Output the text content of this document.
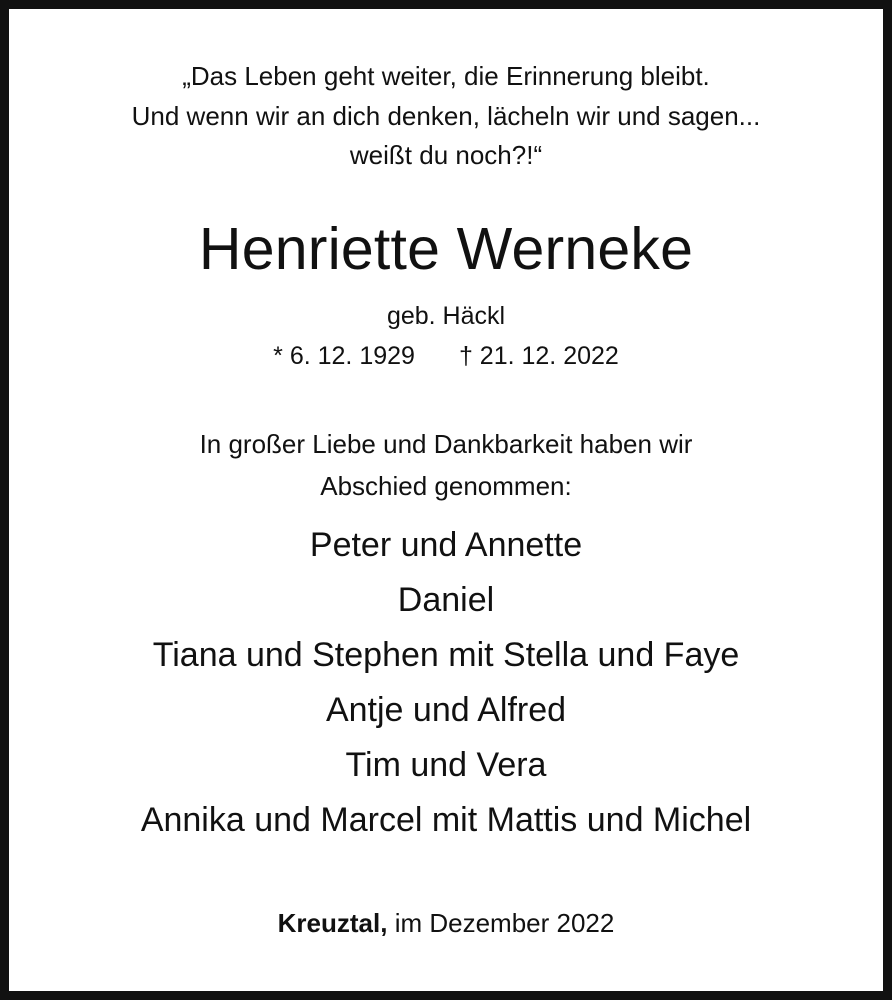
„Das Leben geht weiter, die Erinnerung bleibt.
Und wenn wir an dich denken, lächeln wir und sagen...
weißt du noch?!“
Henriette Werneke
geb. Häckl
* 6. 12. 1929 † 21. 12. 2022
In großer Liebe und Dankbarkeit haben wir
Abschied genommen:
Peter und Annette
Daniel
Tiana und Stephen mit Stella und Faye
Antje und Alfred
Tim und Vera
Annika und Marcel mit Mattis und Michel
Kreuztal, im Dezember 2022
